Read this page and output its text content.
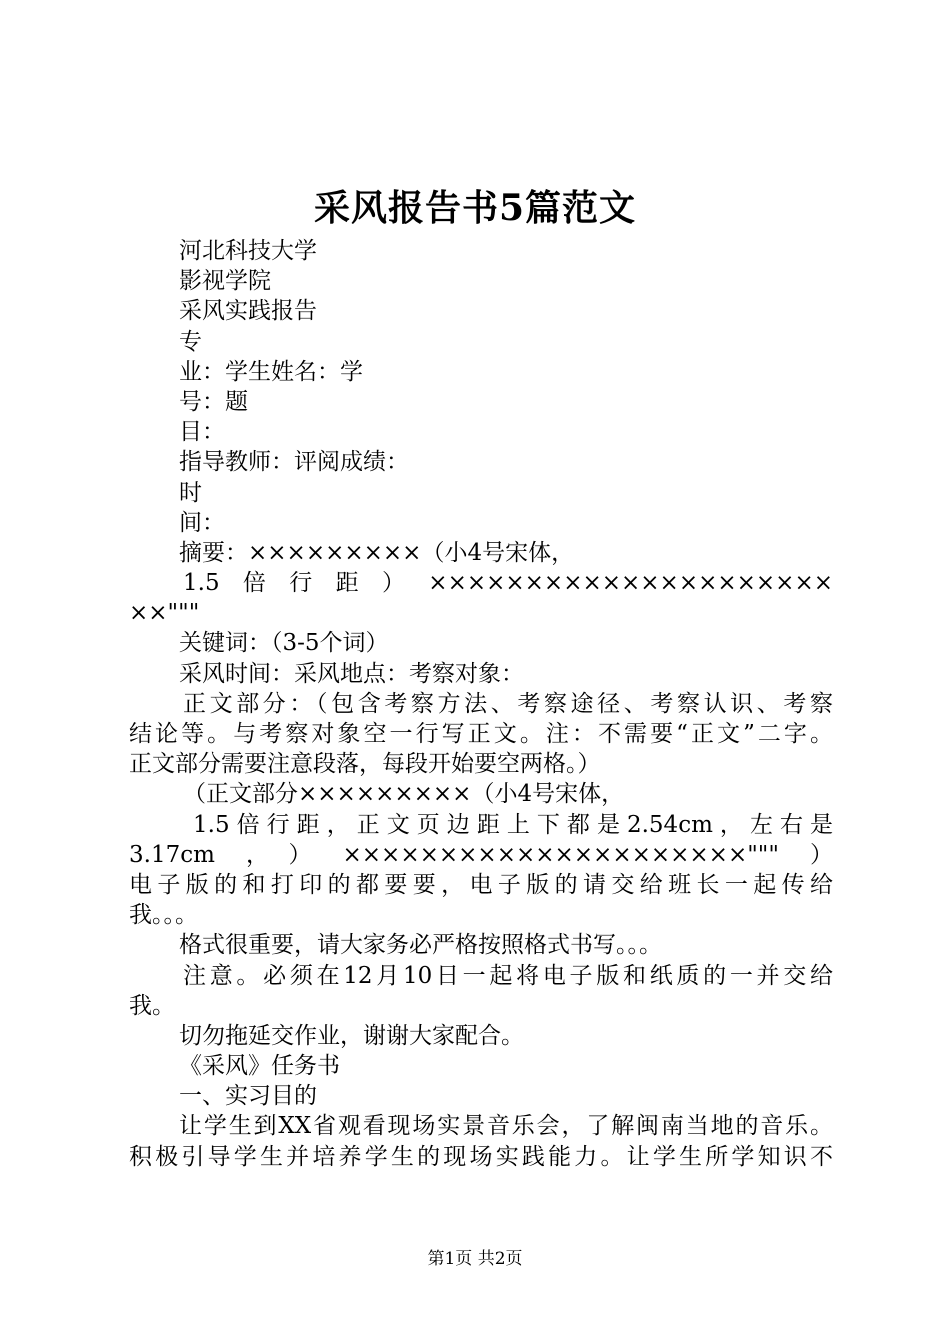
采风报告书5篇范文
河北科技大学
影视学院
采风实践报告
专
业：学生姓名：学
号：题
目：
指导教师：评阅成绩：
时
间：
摘要：×××××××××（小4号宋体，
1.5倍行距）×××××××××××××××××××××
××"""
关键词：（3-5个词）
采风时间：采风地点：考察对象：
正文部分：（包含考察方法、考察途径、考察认识、考察
结论等。与考察对象空一行写正文。注：不需要“正文”二字。
正文部分需要注意段落，每段开始要空两格。）
（正文部分×××××××××（小4号宋体，
1.5倍行距，正文页边距上下都是2.54cm，左右是
3.17cm，）×××××××××××××××××××××"""）
电子版的和打印的都要要，电子版的请交给班长一起传给
我。。。
格式很重要，请大家务必严格按照格式书写。。。
注意。必须在12月10日一起将电子版和纸质的一并交给
我。
切勿拖延交作业，谢谢大家配合。
《采风》任务书
一、实习目的
让学生到XX省观看现场实景音乐会，了解闽南当地的音乐。
积极引导学生并培养学生的现场实践能力。让学生所学知识不
第1页 共2页
